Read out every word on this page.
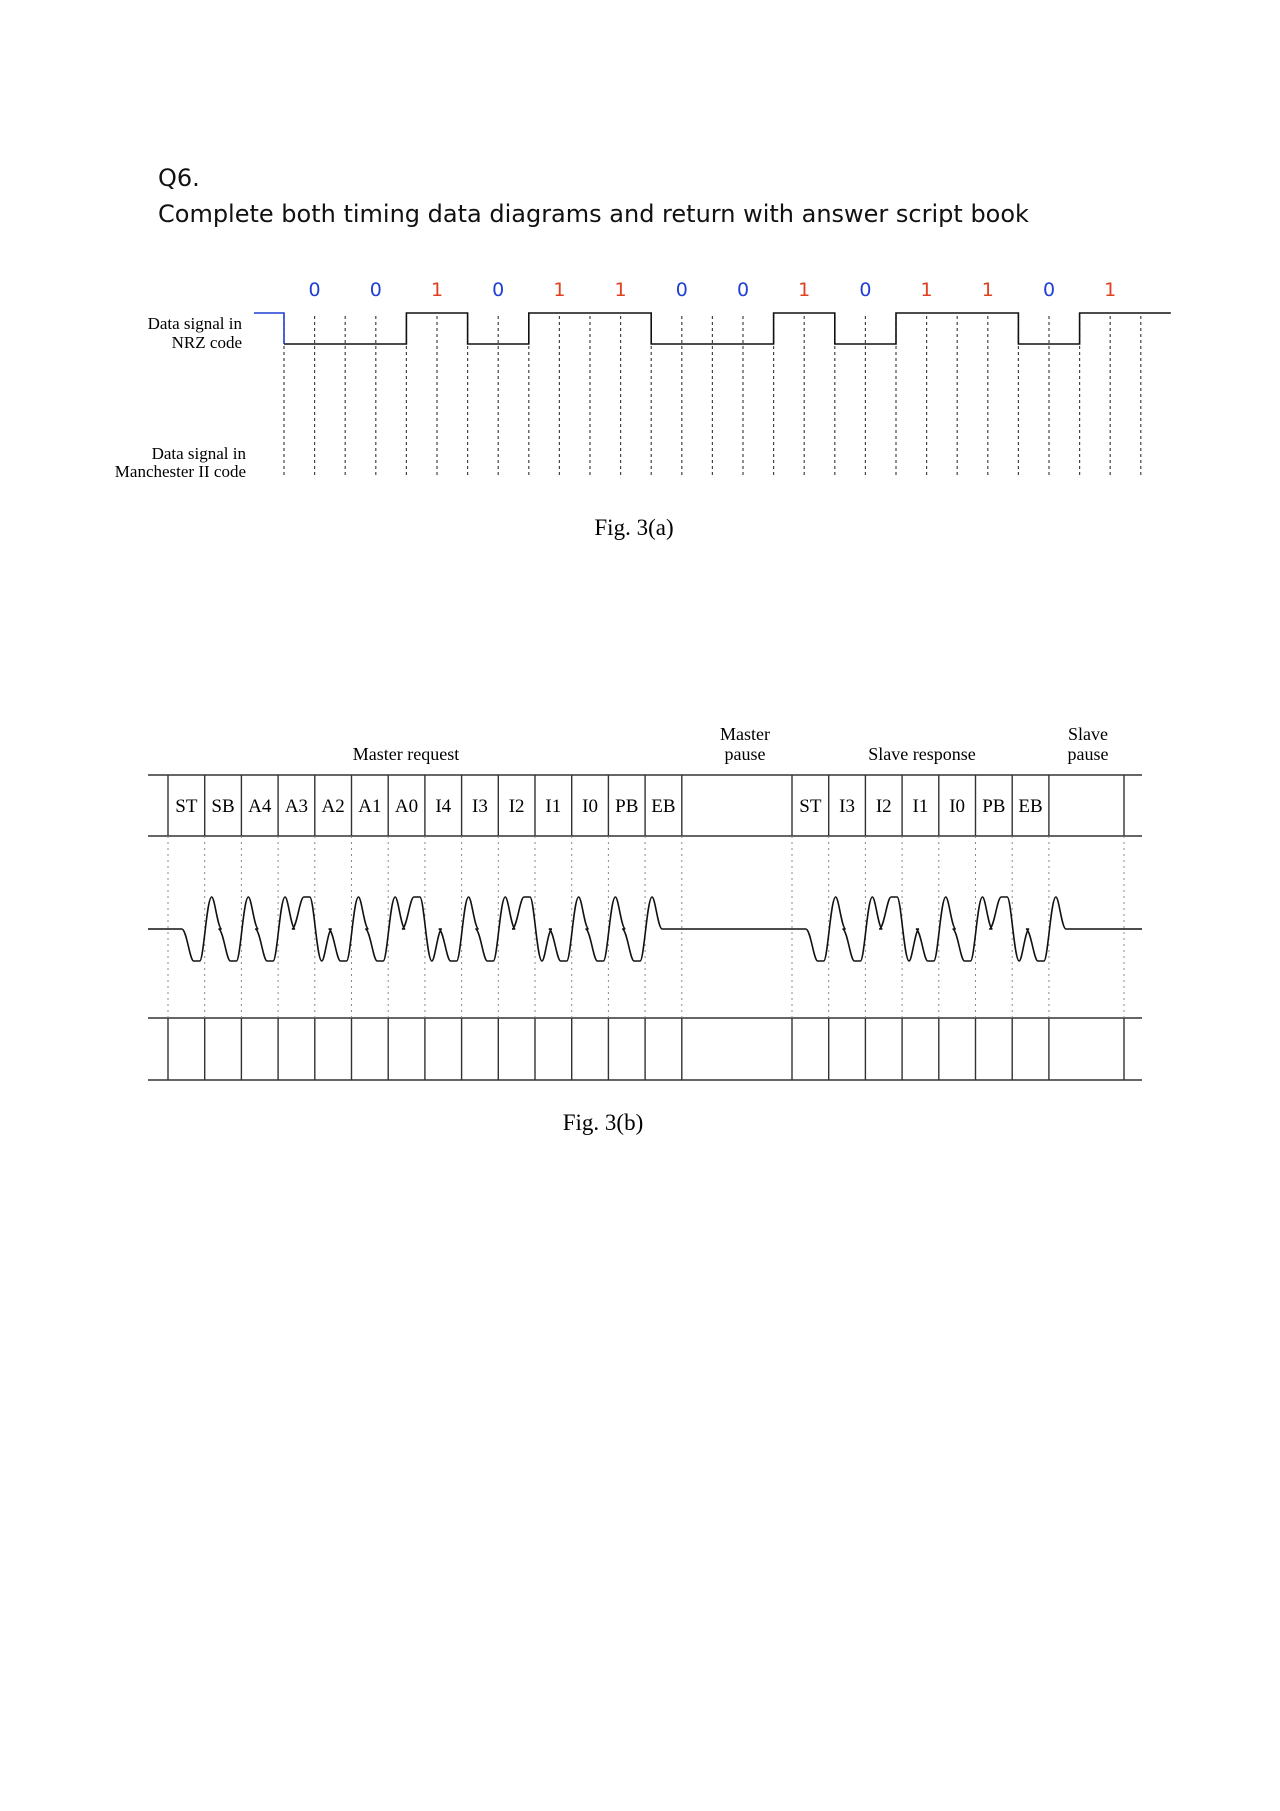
Q6.
Complete both timing data diagrams and return with answer script book
Data signal in
NRZ code
Data signal in
Manchester II code
0	0	1	0	1	1	0	0	1	0	1	1	0	1
Fig. 3(a)
Master request
Master
pause	Slave response
Slave
pause
ST SB A4 A3 A2 A1 A0 I4 I3 I2 I1 I0 PB EB	ST I3 I2 I1 I0 PB EB
Fig. 3(b)
